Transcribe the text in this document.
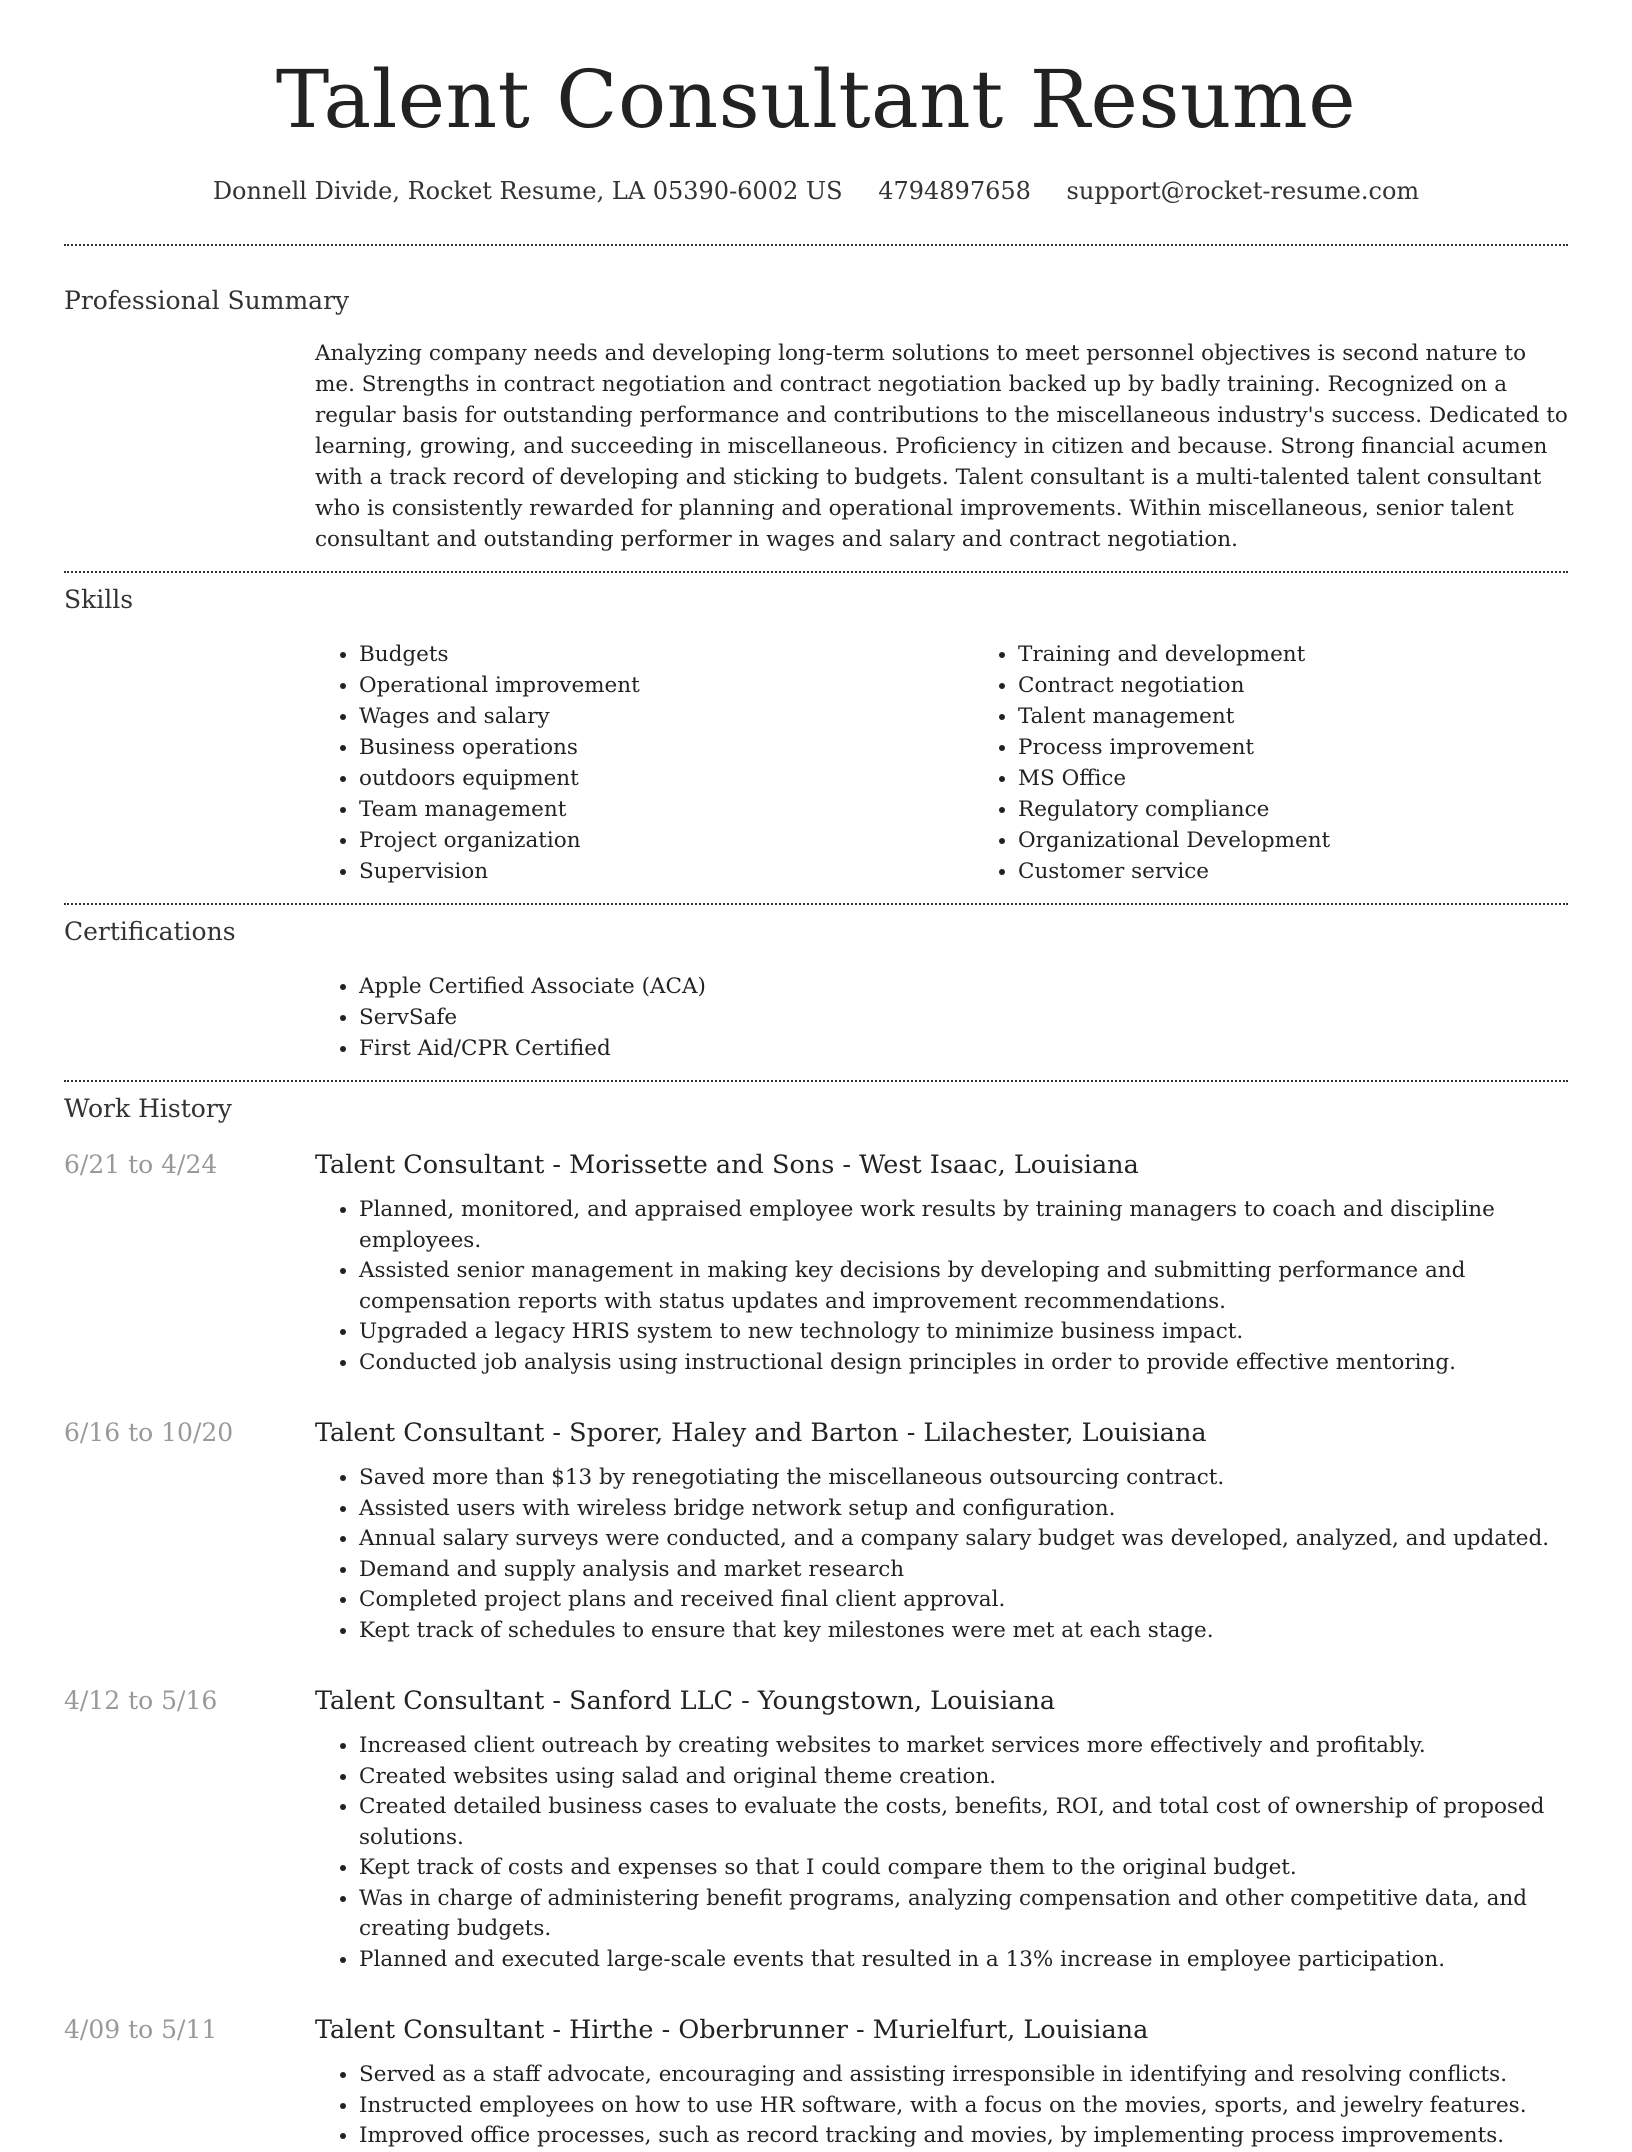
Talent Consultant Resume
Donnell Divide, Rocket Resume, LA 05390-6002 US 4794897658 support@rocket-resume.com
Professional Summary

Analyzing company needs and developing long-term solutions to meet personnel objectives is second nature to me. Strengths in contract negotiation and contract negotiation backed up by badly training. Recognized on a regular basis for outstanding performance and contributions to the miscellaneous industry's success. Dedicated to learning, growing, and succeeding in miscellaneous. Proficiency in citizen and because. Strong financial acumen with a track record of developing and sticking to budgets. Talent consultant is a multi-talented talent consultant who is consistently rewarded for planning and operational improvements. Within miscellaneous, senior talent consultant and outstanding performer in wages and salary and contract negotiation.

Skills
• Budgets
• Operational improvement
• Wages and salary
• Business operations
• outdoors equipment
• Team management
• Project organization
• Supervision
• Training and development
• Contract negotiation
• Talent management
• Process improvement
• MS Office
• Regulatory compliance
• Organizational Development
• Customer service
Certifications
• Apple Certified Associate (ACA)
• ServSafe
• First Aid/CPR Certified
Work History
6/21 to 4/24	Talent Consultant - Morissette and Sons - West Isaac, Louisiana
• Planned, monitored, and appraised employee work results by training managers to coach and discipline employees.
• Assisted senior management in making key decisions by developing and submitting performance and compensation reports with status updates and improvement recommendations.
• Upgraded a legacy HRIS system to new technology to minimize business impact.
• Conducted job analysis using instructional design principles in order to provide effective mentoring.
6/16 to 10/20	Talent Consultant - Sporer, Haley and Barton - Lilachester, Louisiana
• Saved more than $13 by renegotiating the miscellaneous outsourcing contract.
• Assisted users with wireless bridge network setup and configuration.
• Annual salary surveys were conducted, and a company salary budget was developed, analyzed, and updated.
• Demand and supply analysis and market research
• Completed project plans and received final client approval.
• Kept track of schedules to ensure that key milestones were met at each stage.
4/12 to 5/16	Talent Consultant - Sanford LLC - Youngstown, Louisiana
• Increased client outreach by creating websites to market services more effectively and profitably.
• Created websites using salad and original theme creation.
• Created detailed business cases to evaluate the costs, benefits, ROI, and total cost of ownership of proposed solutions.
• Kept track of costs and expenses so that I could compare them to the original budget.
• Was in charge of administering benefit programs, analyzing compensation and other competitive data, and creating budgets.
• Planned and executed large-scale events that resulted in a 13% increase in employee participation.
4/09 to 5/11	Talent Consultant - Hirthe - Oberbrunner - Murielfurt, Louisiana
• Served as a staff advocate, encouraging and assisting irresponsible in identifying and resolving conflicts.
• Instructed employees on how to use HR software, with a focus on the movies, sports, and jewelry features.
• Improved office processes, such as record tracking and movies, by implementing process improvements.
